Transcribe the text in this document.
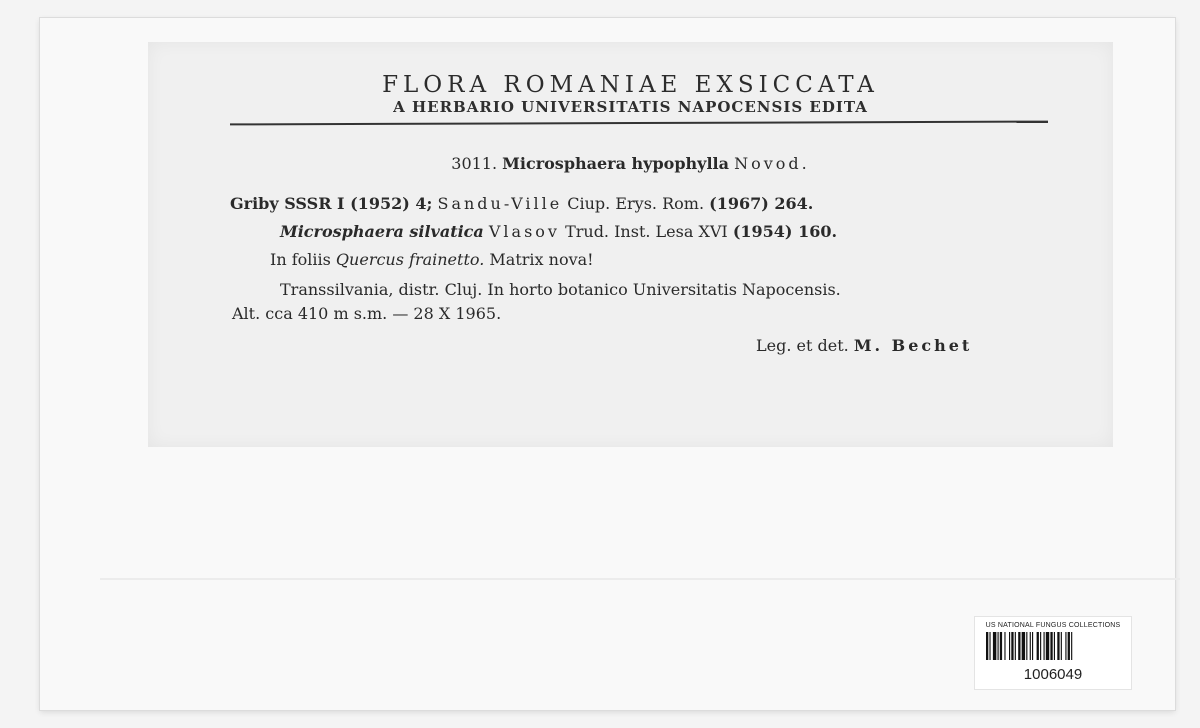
FLORA ROMANIAE EXSICCATA
A HERBARIO UNIVERSITATIS NAPOCENSIS EDITA
3011. Microsphaera hypophylla Novod.
Griby SSSR I (1952) 4; Sandu-Ville Ciup. Erys. Rom. (1967) 264.
Microsphaera silvatica Vlasov Trud. Inst. Lesa XVI (1954) 160.
In foliis Quercus frainetto. Matrix nova!
Transsilvania, distr. Cluj. In horto botanico Universitatis Napocensis.
Alt. cca 410 m s.m. — 28 X 1965.
Leg. et det. M. Bechet
US NATIONAL FUNGUS COLLECTIONS
1006049
